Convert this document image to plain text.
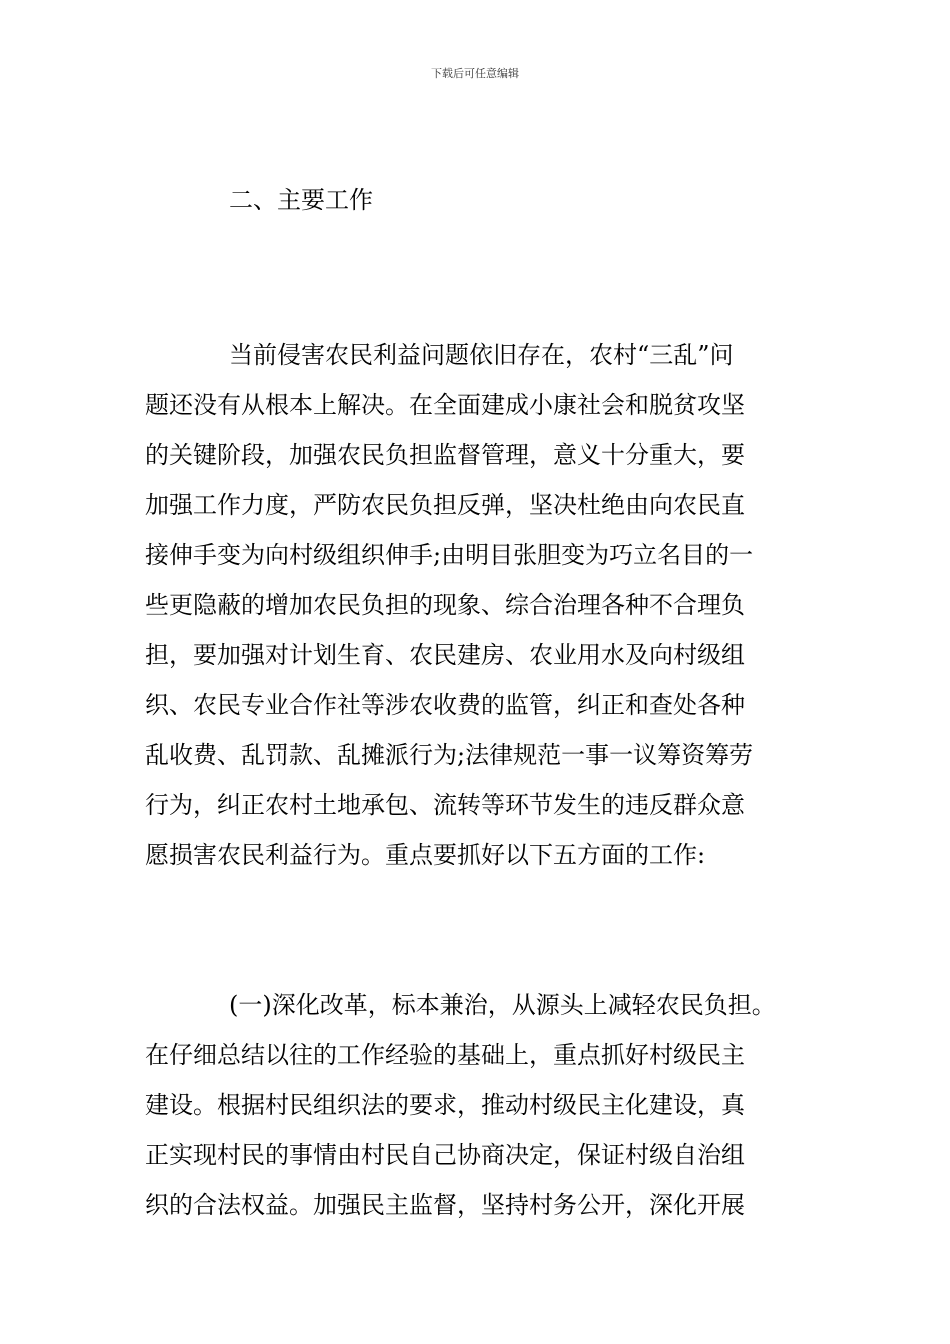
下载后可任意编辑
二、主要工作
当前侵害农民利益问题依旧存在，农村“三乱”问
题还没有从根本上解决。在全面建成小康社会和脱贫攻坚
的关键阶段，加强农民负担监督管理，意义十分重大，要
加强工作力度，严防农民负担反弹，坚决杜绝由向农民直
接伸手变为向村级组织伸手;由明目张胆变为巧立名目的一
些更隐蔽的增加农民负担的现象、综合治理各种不合理负
担，要加强对计划生育、农民建房、农业用水及向村级组
织、农民专业合作社等涉农收费的监管，纠正和查处各种
乱收费、乱罚款、乱摊派行为;法律规范一事一议筹资筹劳
行为，纠正农村土地承包、流转等环节发生的违反群众意
愿损害农民利益行为。重点要抓好以下五方面的工作:
(一)深化改革，标本兼治，从源头上减轻农民负担。
在仔细总结以往的工作经验的基础上，重点抓好村级民主
建设。根据村民组织法的要求，推动村级民主化建设，真
正实现村民的事情由村民自己协商决定，保证村级自治组
织的合法权益。加强民主监督，坚持村务公开，深化开展
